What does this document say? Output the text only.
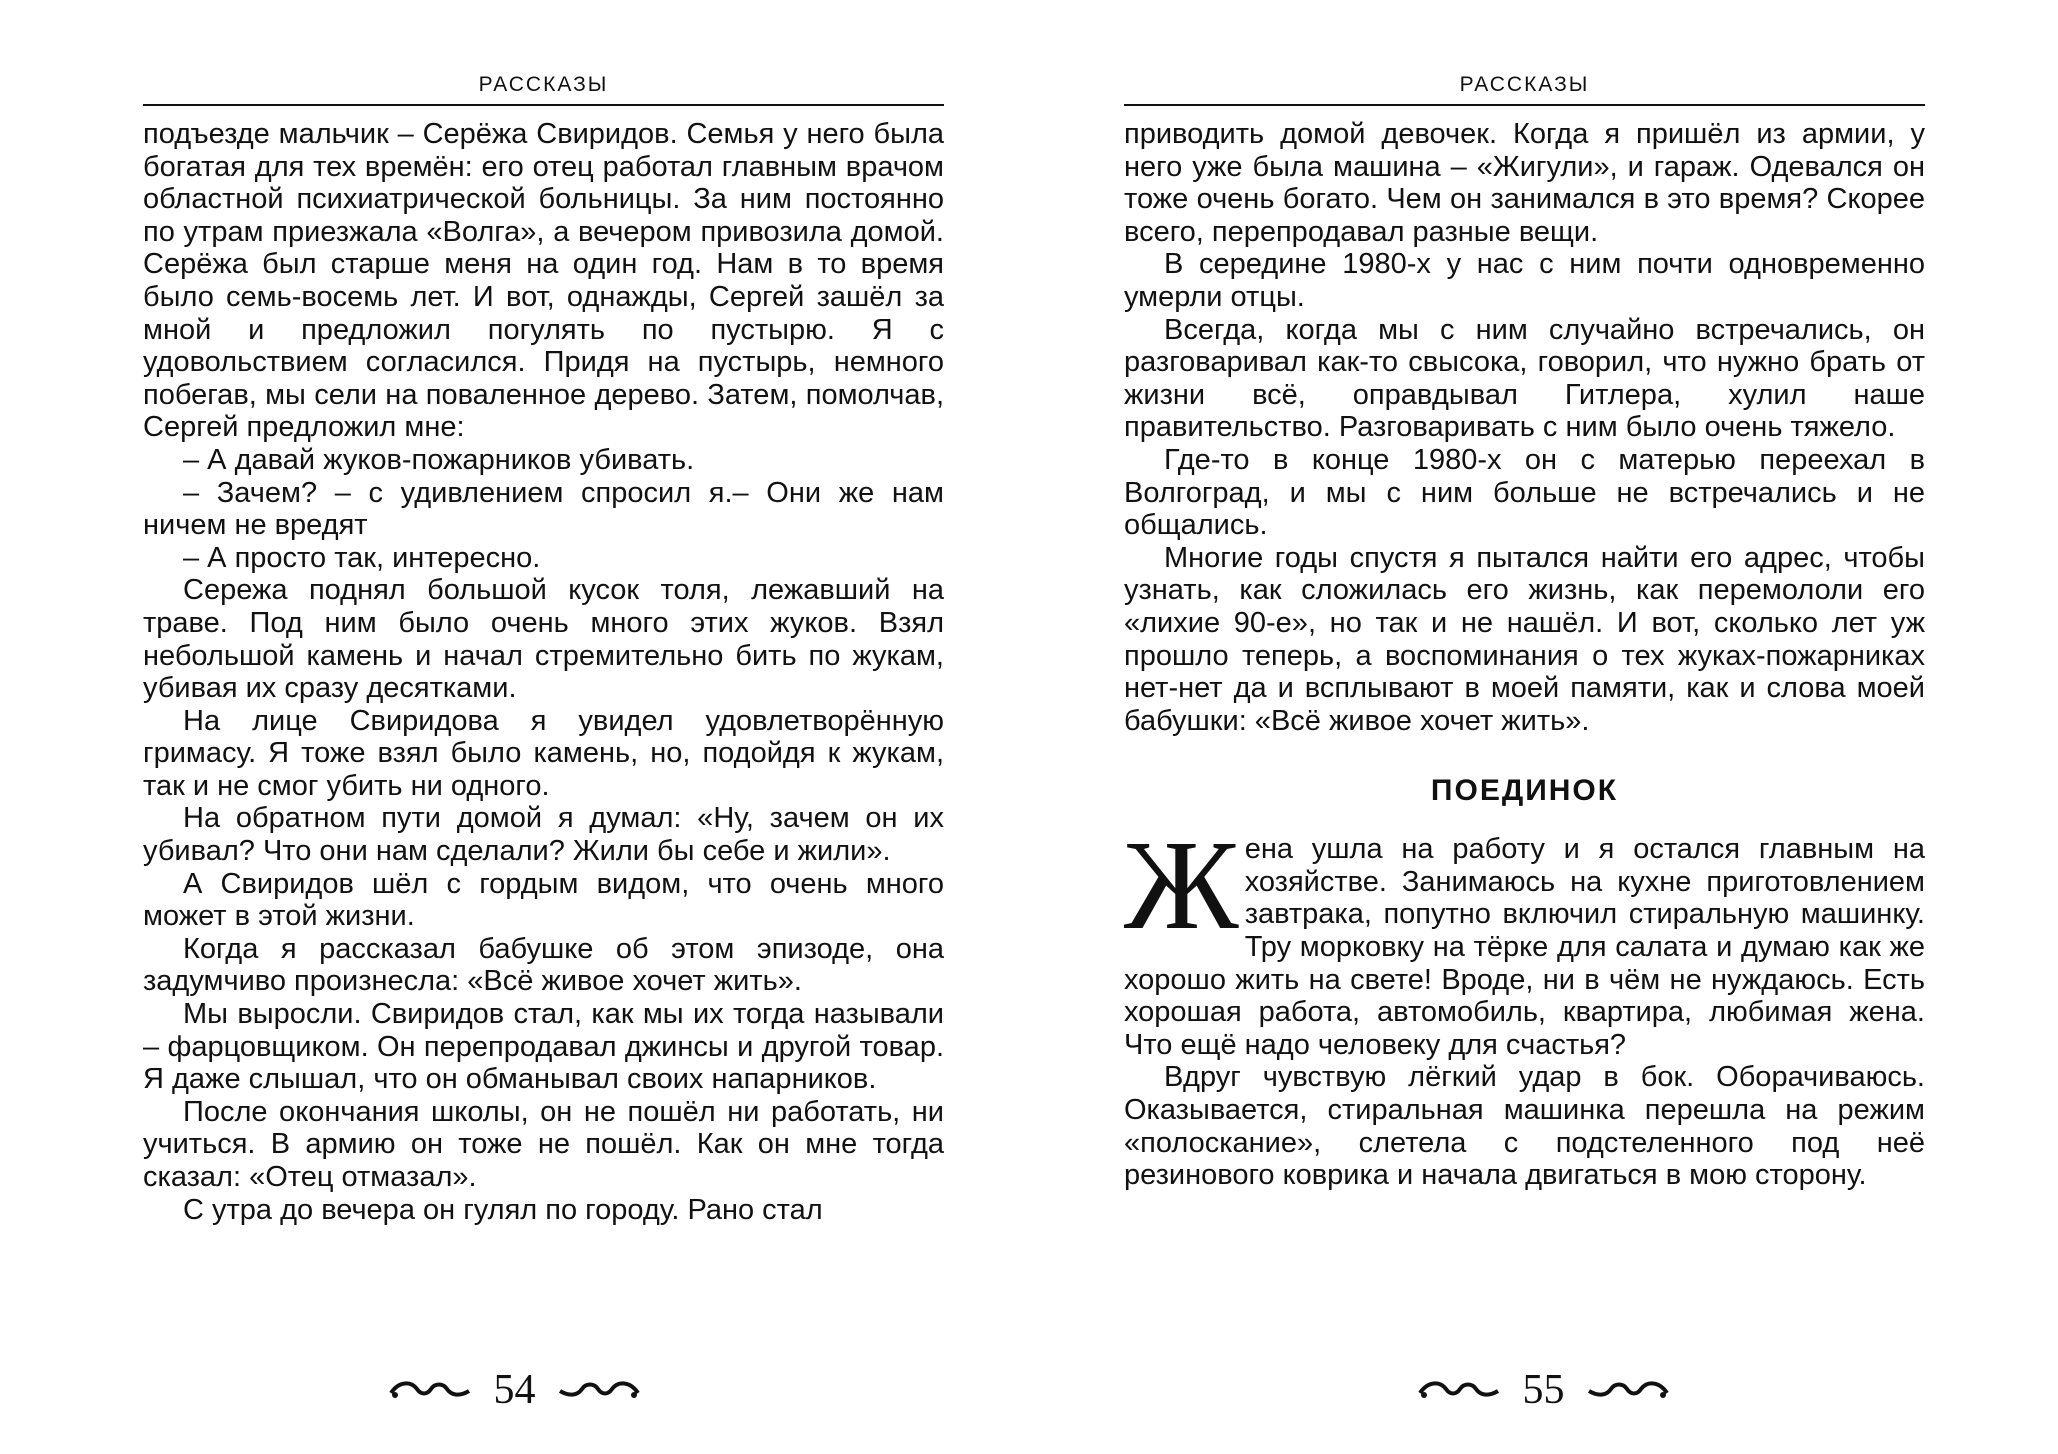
РАССКАЗЫ

подъезде мальчик – Серёжа Свиридов. Семья у него была богатая для тех времён: его отец работал главным врачом областной психиатрической больницы. За ним постоянно по утрам приезжала «Волга», а вечером привозила домой. Серёжа был старше меня на один год. Нам в то время было семь-восемь лет. И вот, однажды, Сергей зашёл за мной и предложил погулять по пустырю. Я с удовольствием согласился. Придя на пустырь, немного побегав, мы сели на поваленное дерево. Затем, помолчав, Сергей предложил мне:

– А давай жуков-пожарников убивать.

– Зачем? – с удивлением спросил я.– Они же нам ничем не вредят

– А просто так, интересно.

Сережа поднял большой кусок толя, лежавший на траве. Под ним было очень много этих жуков. Взял небольшой камень и начал стремительно бить по жукам, убивая их сразу десятками.

На лице Свиридова я увидел удовлетворённую гримасу. Я тоже взял было камень, но, подойдя к жукам, так и не смог убить ни одного.

На обратном пути домой я думал: «Ну, зачем он их убивал? Что они нам сделали? Жили бы себе и жили».

А Свиридов шёл с гордым видом, что очень много может в этой жизни.

Когда я рассказал бабушке об этом эпизоде, она задумчиво произнесла: «Всё живое хочет жить».

Мы выросли. Свиридов стал, как мы их тогда называли – фарцовщиком. Он перепродавал джинсы и другой товар. Я даже слышал, что он обманывал своих напарников.

После окончания школы, он не пошёл ни работать, ни учиться. В армию он тоже не пошёл. Как он мне тогда сказал: «Отец отмазал».

С утра до вечера он гулял по городу. Рано стал

54
РАССКАЗЫ

приводить домой девочек. Когда я пришёл из армии, у него уже была машина – «Жигули», и гараж. Одевался он тоже очень богато. Чем он занимался в это время? Скорее всего, перепродавал разные вещи.

В середине 1980-х у нас с ним почти одновременно умерли отцы.

Всегда, когда мы с ним случайно встречались, он разговаривал как-то свысока, говорил, что нужно брать от жизни всё, оправдывал Гитлера, хулил наше правительство. Разговаривать с ним было очень тяжело.

Где-то в конце 1980-х он с матерью переехал в Волгоград, и мы с ним больше не встречались и не общались.

Многие годы спустя я пытался найти его адрес, чтобы узнать, как сложилась его жизнь, как перемололи его «лихие 90-е», но так и не нашёл. И вот, сколько лет уж прошло теперь, а воспоминания о тех жуках-пожарниках нет-нет да и всплывают в моей памяти, как и слова моей бабушки: «Всё живое хочет жить».

ПОЕДИНОК

Жена ушла на работу и я остался главным на хозяйстве. Занимаюсь на кухне приготовлением завтрака, попутно включил стиральную машинку. Тру морковку на тёрке для салата и думаю как же хорошо жить на свете! Вроде, ни в чём не нуждаюсь. Есть хорошая работа, автомобиль, квартира, любимая жена. Что ещё надо человеку для счастья?

Вдруг чувствую лёгкий удар в бок. Оборачиваюсь. Оказывается, стиральная машинка перешла на режим «полоскание», слетела с подстеленного под неё резинового коврика и начала двигаться в мою сторону.

55
